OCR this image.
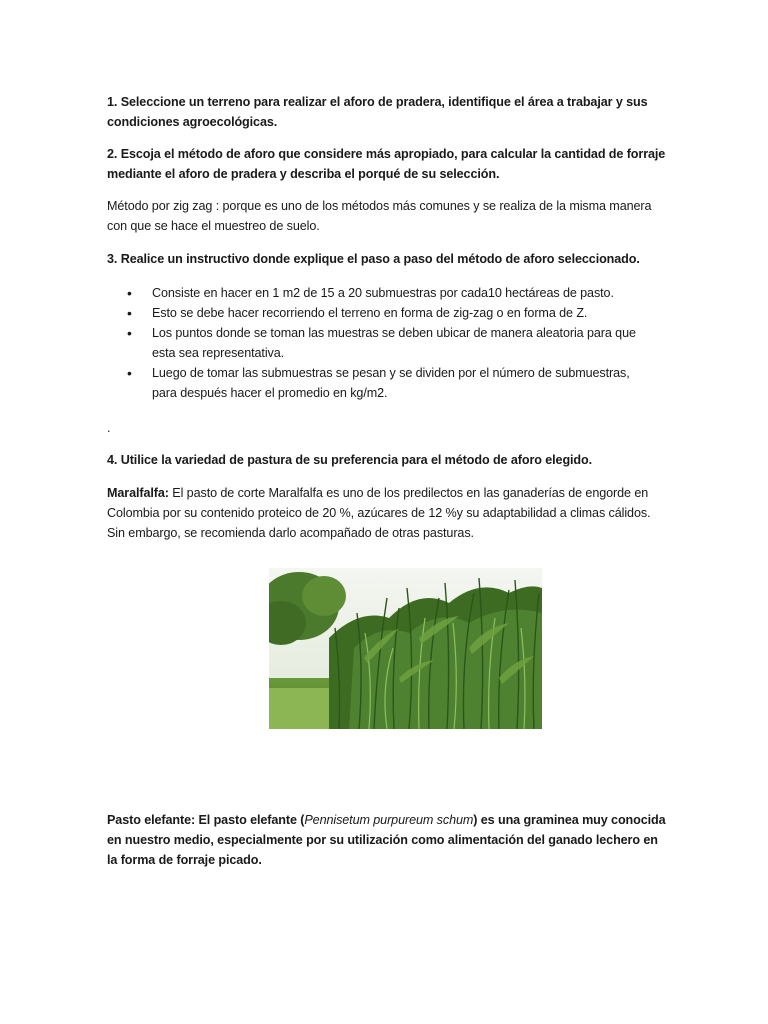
1. Seleccione un terreno para realizar el aforo de pradera, identifique el área a trabajar y sus condiciones agroecológicas.

2. Escoja el método de aforo que considere más apropiado, para calcular la cantidad de forraje mediante el aforo de pradera y describa el porqué de su selección.

Método por zig zag : porque es uno de los métodos más comunes y se realiza de la misma manera con que se hace el muestreo de suelo.

3. Realice un instructivo donde explique el paso a paso del método de aforo seleccionado.

• Consiste en hacer en 1 m2 de 15 a 20 submuestras por cada10 hectáreas de pasto.
• Esto se debe hacer recorriendo el terreno en forma de zig-zag o en forma de Z.
• Los puntos donde se toman las muestras se deben ubicar de manera aleatoria para que esta sea representativa.
• Luego de tomar las submuestras se pesan y se dividen por el número de submuestras, para después hacer el promedio en kg/m2.

.

4. Utilice la variedad de pastura de su preferencia para el método de aforo elegido.

Maralfalfa: El pasto de corte Maralfalfa es uno de los predilectos en las ganaderías de engorde en Colombia por su contenido proteico de 20 %, azúcares de 12 %y su adaptabilidad a climas cálidos. Sin embargo, se recomienda darlo acompañado de otras pasturas.

Pasto elefante: El pasto elefante (Pennisetum purpureum schum) es una graminea muy conocida en nuestro medio, especialmente por su utilización como alimentación del ganado lechero en la forma de forraje picado.
